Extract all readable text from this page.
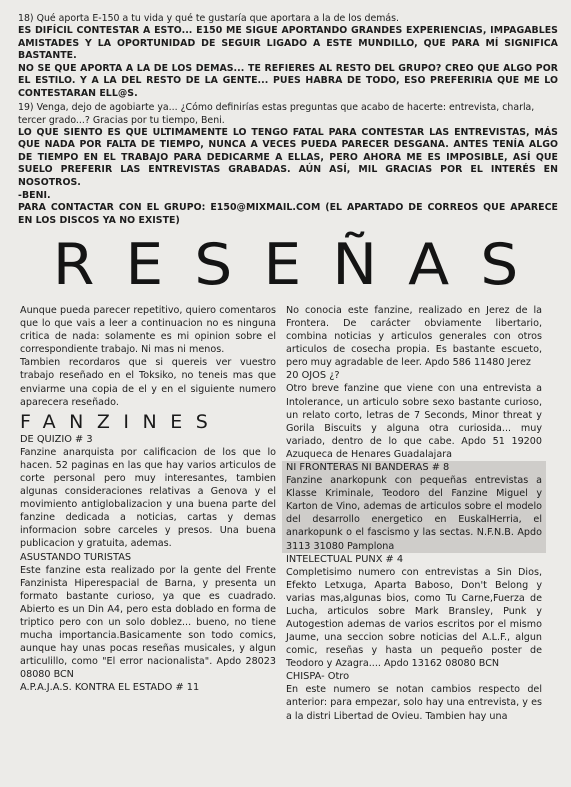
18) Qué aporta E-150 a tu vida y qué te gustaría que aportara a la de los demás.

ES DIFÍCIL CONTESTAR A ESTO... E150 ME SIGUE APORTANDO GRANDES EXPERIENCIAS, IMPAGABLES AMISTADES Y LA OPORTUNIDAD DE SEGUIR LIGADO A ESTE MUNDILLO, QUE PARA MÍ SIGNIFICA BASTANTE.

NO SE QUE APORTA A LA DE LOS DEMAS... TE REFIERES AL RESTO DEL GRUPO? CREO QUE ALGO POR EL ESTILO. Y A LA DEL RESTO DE LA GENTE... PUES HABRA DE TODO, ESO PREFERIRIA QUE ME LO CONTESTARAN ELL@S.

19) Venga, dejo de agobiarte ya... ¿Cómo definirías estas preguntas que acabo de hacerte: entrevista, charla, tercer grado...? Gracias por tu tiempo, Beni.

LO QUE SIENTO ES QUE ULTIMAMENTE LO TENGO FATAL PARA CONTESTAR LAS ENTREVISTAS, MÁS QUE NADA POR FALTA DE TIEMPO, NUNCA A VECES PUEDA PARECER DESGANA. ANTES TENÍA ALGO DE TIEMPO EN EL TRABAJO PARA DEDICARME A ELLAS, PERO AHORA ME ES IMPOSIBLE, ASÍ QUE SUELO PREFERIR LAS ENTREVISTAS GRABADAS. AÚN ASÍ, MIL GRACIAS POR EL INTERÉS EN NOSOTROS.

-BENI.

PARA CONTACTAR CON EL GRUPO: E150@MIXMAIL.COM (EL APARTADO DE CORREOS QUE APARECE EN LOS DISCOS YA NO EXISTE)

RESEÑAS

Aunque pueda parecer repetitivo, quiero comentaros que lo que vais a leer a continuacion no es ninguna critica de nada: solamente es mi opinion sobre el correspondiente trabajo. Ni mas ni menos.

Tambien recordaros que si quereis ver vuestro trabajo reseñado en el Toksiko, no teneis mas que enviarme una copia de el y en el siguiente numero aparecera reseñado.

FANZINES

DE QUIZIO # 3

Fanzine anarquista por calificacion de los que lo hacen. 52 paginas en las que hay varios articulos de corte personal pero muy interesantes, tambien algunas consideraciones relativas a Genova y el movimiento antiglobalizacion y una buena parte del fanzine dedicada a noticias, cartas y demas informacion sobre carceles y presos. Una buena publicacion y gratuita, ademas.

ASUSTANDO TURISTAS

Este fanzine esta realizado por la gente del Frente Fanzinista Hiperespacial de Barna, y presenta un formato bastante curioso, ya que es cuadrado. Abierto es un Din A4, pero esta doblado en forma de triptico pero con un solo doblez... bueno, no tiene mucha importancia.Basicamente son todo comics, aunque hay unas pocas reseñas musicales, y algun articulillo, como "El error nacionalista". Apdo 28023 08080 BCN

A.P.A.J.A.S. KONTRA EL ESTADO # 11

No conocia este fanzine, realizado en Jerez de la Frontera. De carácter obviamente libertario, combina noticias y articulos generales con otros articulos de cosecha propia. Es bastante escueto, pero muy agradable de leer. Apdo 586 11480 Jerez

20 OJOS ¿?

Otro breve fanzine que viene con una entrevista a Intolerance, un articulo sobre sexo bastante curioso, un relato corto, letras de 7 Seconds, Minor threat y Gorila Biscuits y alguna otra curiosida... muy variado, dentro de lo que cabe. Apdo 51 19200 Azuqueca de Henares Guadalajara

NI FRONTERAS NI BANDERAS # 8

Fanzine anarkopunk con pequeñas entrevistas a Klasse Kriminale, Teodoro del Fanzine Miguel y Karton de Vino, ademas de articulos sobre el modelo del desarrollo energetico en EuskalHerria, el anarkopunk o el fascismo y las sectas. N.F.N.B. Apdo 3113 31080 Pamplona

INTELECTUAL PUNX # 4

Completisimo numero con entrevistas a Sin Dios, Efekto Letxuga, Aparta Baboso, Don't Belong y varias mas,algunas bios, como Tu Carne,Fuerza de Lucha, articulos sobre Mark Bransley, Punk y Autogestion ademas de varios escritos por el mismo Jaume, una seccion sobre noticias del A.L.F., algun comic, reseñas y hasta un pequeño poster de Teodoro y Azagra.... Apdo 13162 08080 BCN

CHISPA- Otro

En este numero se notan cambios respecto del anterior: para empezar, solo hay una entrevista, y es a la distri Libertad de Ovieu. Tambien hay una
